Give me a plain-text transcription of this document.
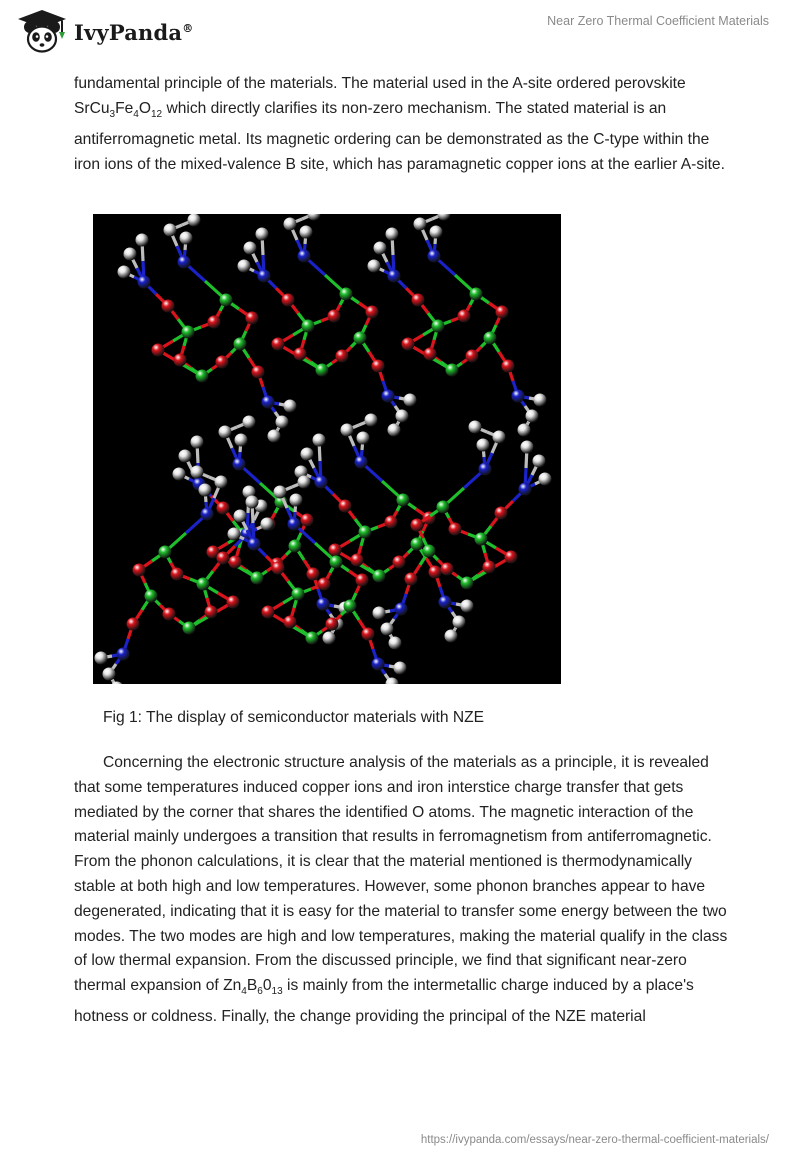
IvyPanda®	Near Zero Thermal Coefficient Materials

fundamental principle of the materials. The material used in the A-site ordered perovskite $SrCu_3Fe_4O_{12}$ which directly clarifies its non-zero mechanism. The stated material is an antiferromagnetic metal. Its magnetic ordering can be demonstrated as the C-type within the iron ions of the mixed-valence B site, which has paramagnetic copper ions at the earlier A-site.

Fig 1: The display of semiconductor materials with NZE

Concerning the electronic structure analysis of the materials as a principle, it is revealed that some temperatures induced copper ions and iron interstice charge transfer that gets mediated by the corner that shares the identified O atoms. The magnetic interaction of the material mainly undergoes a transition that results in ferromagnetism from antiferromagnetic. From the phonon calculations, it is clear that the material mentioned is thermodynamically stable at both high and low temperatures. However, some phonon branches appear to have degenerated, indicating that it is easy for the material to transfer some energy between the two modes. The two modes are high and low temperatures, making the material qualify in the class of low thermal expansion. From the discussed principle, we find that significant near-zero thermal expansion of $Zn_4B_60_{13}$ is mainly from the intermetallic charge induced by a place's hotness or coldness. Finally, the change providing the principal of the NZE material

https://ivypanda.com/essays/near-zero-thermal-coefficient-materials/
